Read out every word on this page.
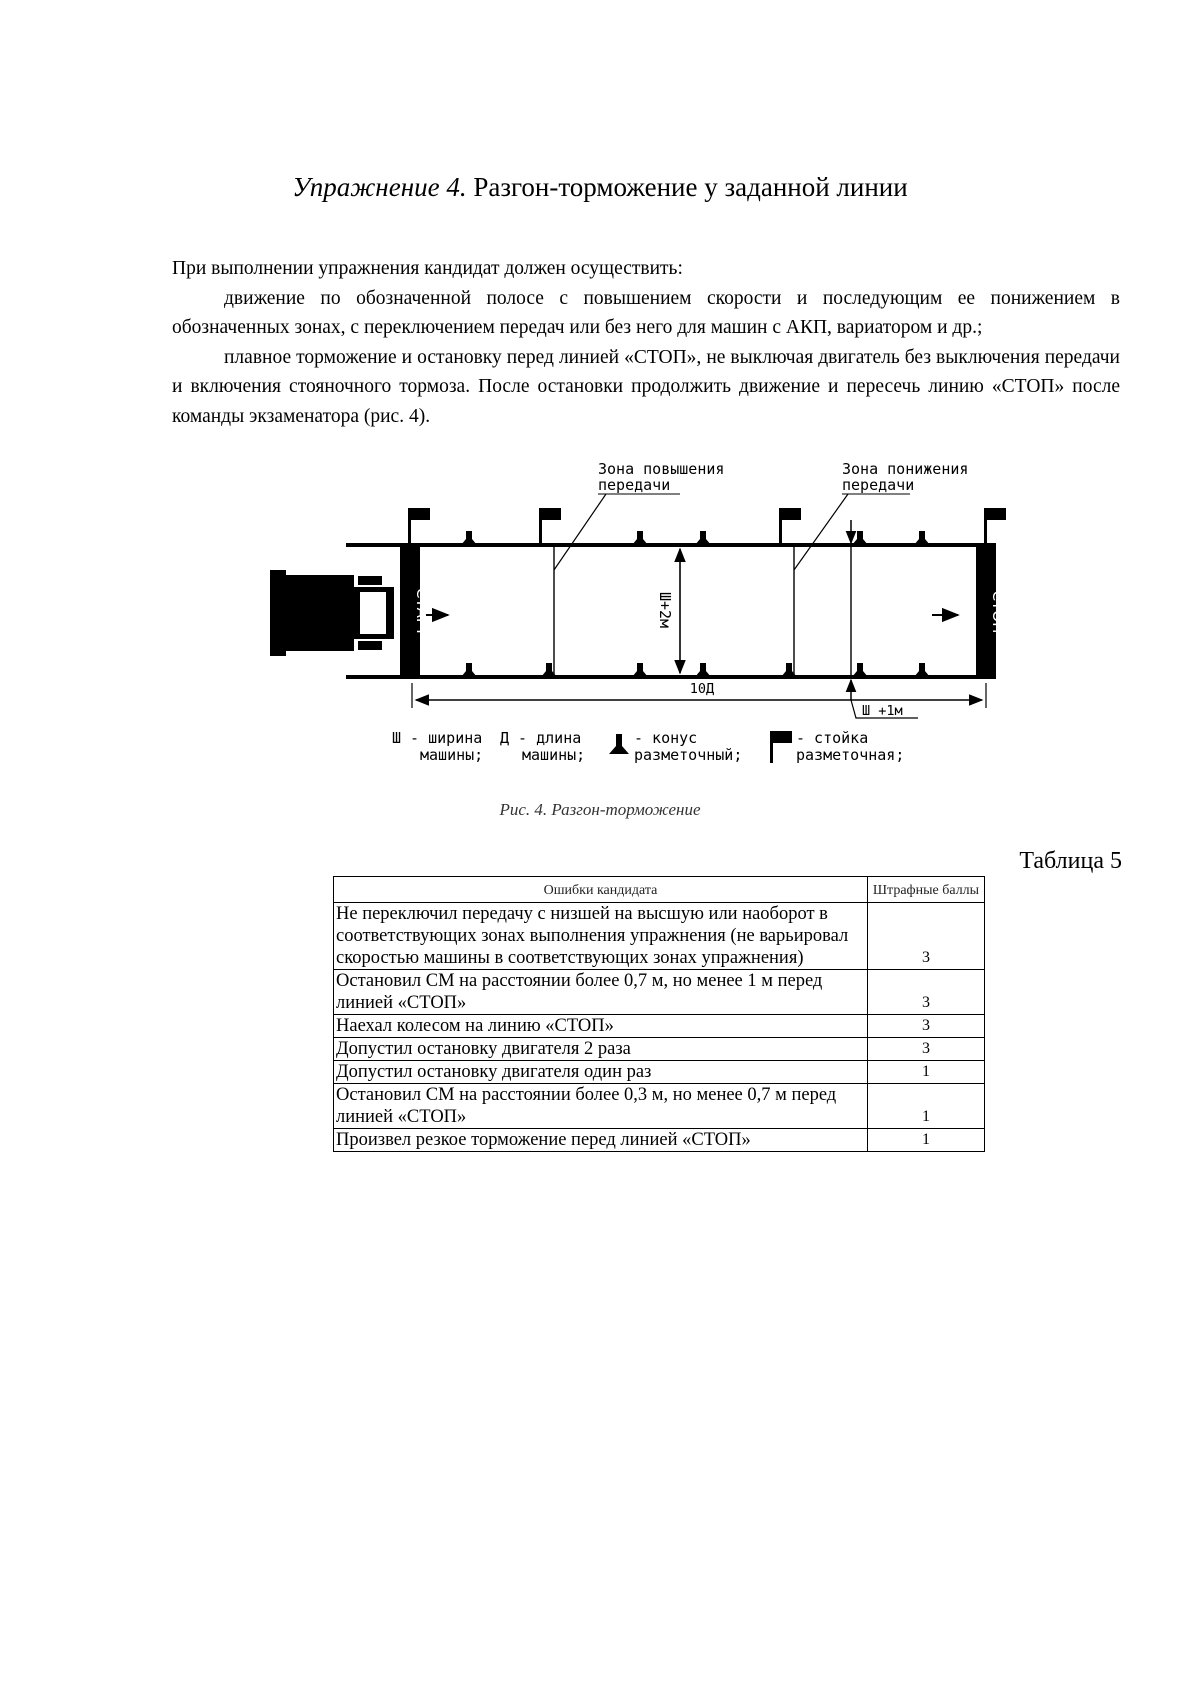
Упражнение 4. Разгон-торможение у заданной линии

При выполнении упражнения кандидат должен осуществить:

движение по обозначенной полосе с повышением скорости и последующим ее понижением в обозначенных зонах, с переключением передач или без него для машин с АКП, вариатором и др.;

плавное торможение и остановку перед линией «СТОП», не выключая двигатель без выключения передачи и включения стояночного тормоза. После остановки продолжить движение и пересечь линию «СТОП» после команды экзаменатора (рис. 4).

Зона повышения
передачи
Зона понижения
передачи
СТАРТ	СТОП
Ш+2м
10Д
Ш +1м
Ш - ширина
машины;
Д - длина
машины;
- конус
разметочный;
- стойка
разметочная;
Рис. 4. Разгон-торможение
Таблица 5
Ошибки кандидата	Штрафные баллы
Не переключил передачу с низшей на высшую или наоборот в соответствующих зонах выполнения упражнения (не варьировал скоростью машины в соответствующих зонах упражнения)	3
Остановил СМ на расстоянии более 0,7 м, но менее 1 м перед линией «СТОП»	3
Наехал колесом на линию «СТОП»	3
Допустил остановку двигателя 2 раза	3
Допустил остановку двигателя один раз	1
Остановил СМ на расстоянии более 0,3 м, но менее 0,7 м перед линией «СТОП»	1
Произвел резкое торможение перед линией «СТОП»	1
